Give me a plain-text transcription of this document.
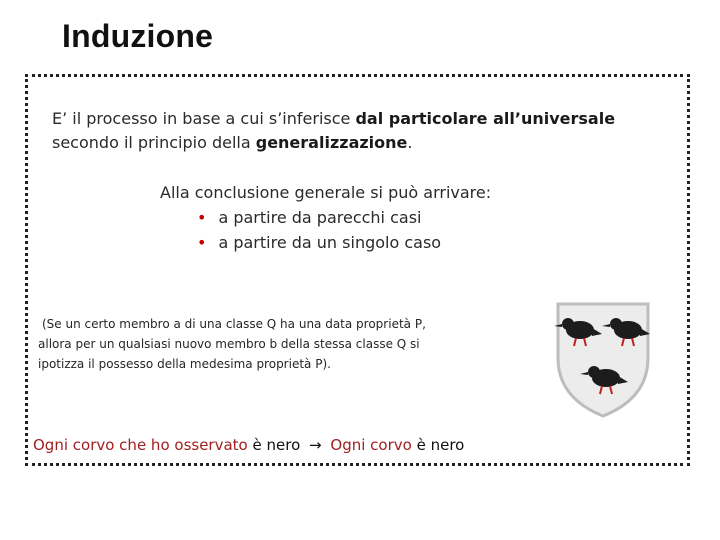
Induzione
E’ il processo in base a cui s’inferisce dal particolare all’universale
secondo il principio della generalizzazione.
Alla conclusione generale si può arrivare:
• a partire da parecchi casi
• a partire da un singolo caso
(Se un certo membro a di una classe Q ha una data proprietà P,
allora per un qualsiasi nuovo membro b della stessa classe Q si
ipotizza il possesso della medesima proprietà P).
Ogni corvo che ho osservato è nero → Ogni corvo è nero
